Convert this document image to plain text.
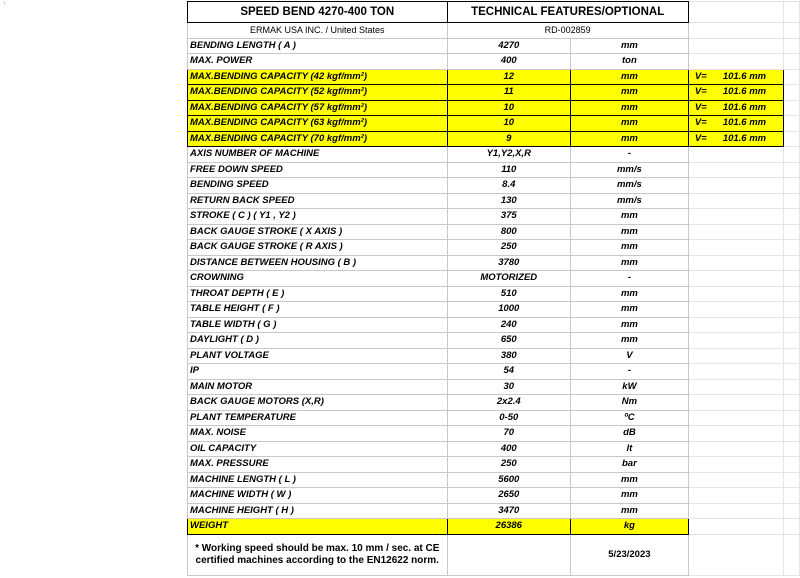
'
SPEED BEND 4270-400 TON	TECHNICAL FEATURES/OPTIONAL			
ERMAK USA INC. / United States	RD-002859			
BENDING LENGTH ( A )	4270	mm		
MAX. POWER	400	ton		
MAX.BENDING CAPACITY (42 kgf/mm²)	12	mm	V= 101.6 mm	
MAX.BENDING CAPACITY (52 kgf/mm²)	11	mm	V= 101.6 mm	
MAX.BENDING CAPACITY (57 kgf/mm²)	10	mm	V= 101.6 mm	
MAX.BENDING CAPACITY (63 kgf/mm²)	10	mm	V= 101.6 mm	
MAX.BENDING CAPACITY (70 kgf/mm²)	9	mm	V= 101.6 mm	
AXIS NUMBER OF MACHINE	Y1,Y2,X,R	-		
FREE DOWN SPEED	110	mm/s		
BENDING SPEED	8.4	mm/s		
RETURN BACK SPEED	130	mm/s		
STROKE ( C ) ( Y1 , Y2 )	375	mm		
BACK GAUGE STROKE ( X AXIS )	800	mm		
BACK GAUGE STROKE ( R AXIS )	250	mm		
DISTANCE BETWEEN HOUSING ( B )	3780	mm		
CROWNING	MOTORIZED	-		
THROAT DEPTH ( E )	510	mm		
TABLE HEIGHT ( F )	1000	mm		
TABLE WIDTH ( G )	240	mm		
DAYLIGHT ( D )	650	mm		
PLANT VOLTAGE	380	V		
IP	54	-		
MAIN MOTOR	30	kW		
BACK GAUGE MOTORS (X,R)	2x2.4	Nm		
PLANT TEMPERATURE	0-50	ºC		
MAX. NOISE	70	dB		
OIL CAPACITY	400	lt		
MAX. PRESSURE	250	bar		
MACHINE LENGTH ( L )	5600	mm		
MACHINE WIDTH ( W )	2650	mm		
MACHINE HEIGHT ( H )	3470	mm		
WEIGHT	26386	kg		
* Working speed should be max. 10 mm / sec. at CE certified machines according to the EN12622 norm.		5/23/2023		
